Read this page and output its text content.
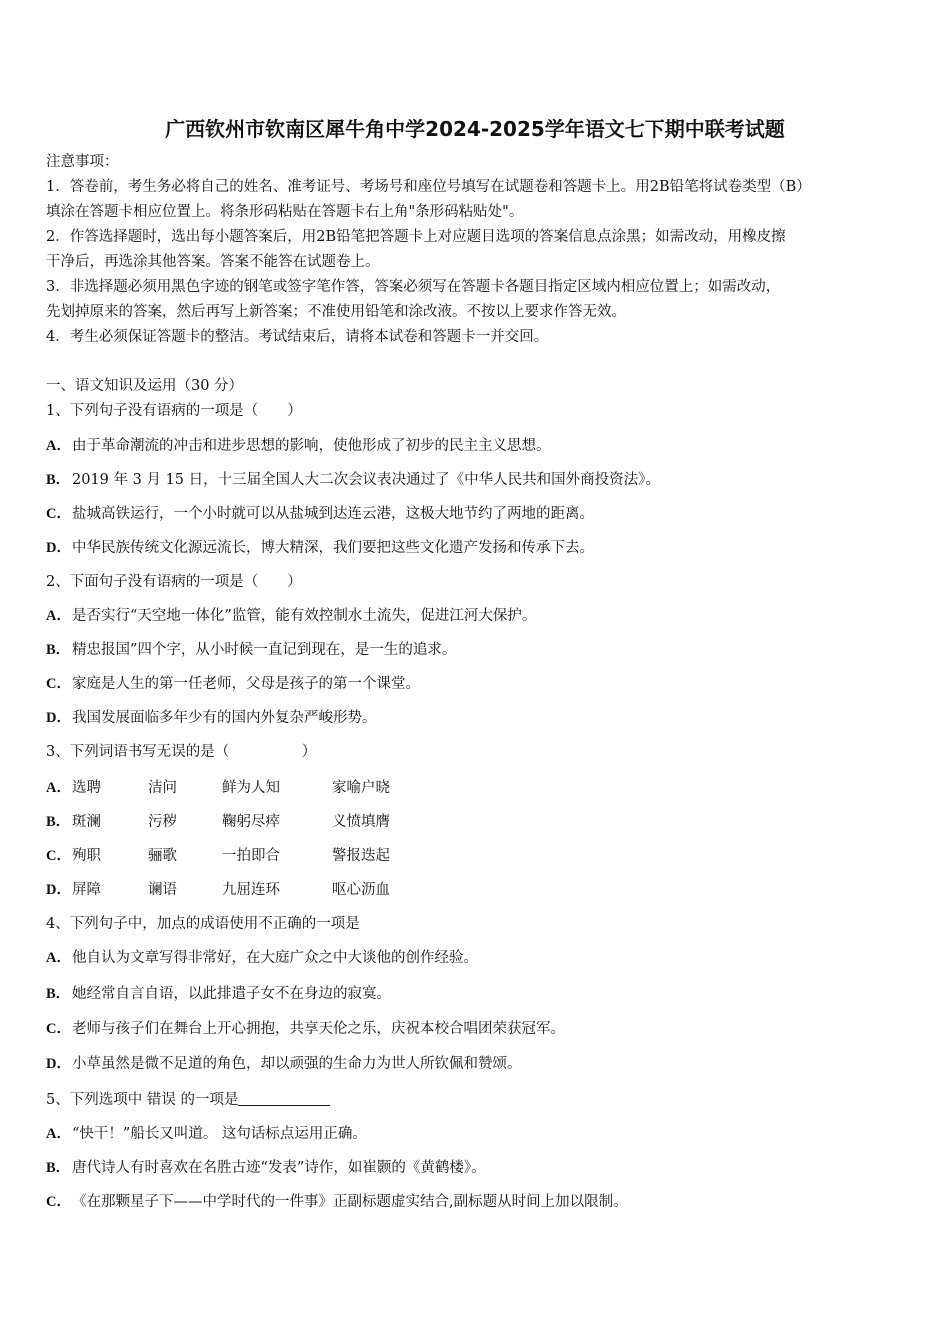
广西钦州市钦南区犀牛角中学2024-2025学年语文七下期中联考试题
注意事项：
1．答卷前，考生务必将自己的姓名、准考证号、考场号和座位号填写在试题卷和答题卡上。用2B铅笔将试卷类型（B）
填涂在答题卡相应位置上。将条形码粘贴在答题卡右上角"条形码粘贴处"。
2．作答选择题时，选出每小题答案后，用2B铅笔把答题卡上对应题目选项的答案信息点涂黑；如需改动，用橡皮擦
干净后，再选涂其他答案。答案不能答在试题卷上。
3．非选择题必须用黑色字迹的钢笔或签字笔作答，答案必须写在答题卡各题目指定区域内相应位置上；如需改动，
先划掉原来的答案，然后再写上新答案；不准使用铅笔和涂改液。不按以上要求作答无效。
4．考生必须保证答题卡的整洁。考试结束后，请将本试卷和答题卡一并交回。
一、语文知识及运用（30 分）
1、下列句子没有语病的一项是（　　）
A．由于革命潮流的冲击和进步思想的影响，使他形成了初步的民主主义思想。
B． 2019 年 3 月 15 日，十三届全国人大二次会议表决通过了《中华人民共和国外商投资法》。
C．盐城高铁运行，一个小时就可以从盐城到达连云港，这极大地节约了两地的距离。
D．中华民族传统文化源远流长，博大精深，我们要把这些文化遗产发扬和传承下去。
2、下面句子没有语病的一项是（　　）
A．是否实行“天空地一体化”监管，能有效控制水土流失，促进江河大保护。
B． 精忠报国”四个字，从小时候一直记到现在，是一生的追求。
C．家庭是人生的第一任老师，父母是孩子的第一个课堂。
D．我国发展面临多年少有的国内外复杂严峻形势。
3、下列词语书写无误的是（　　　　　）
A．选聘	洁问	鲜为人知	家喻户晓
B． 斑澜	污秽	鞠躬尽瘁	义愤填膺
C．殉职	骊歌	一拍即合	警报迭起
D．屏障	谰语	九屈连环	呕心沥血
4、下列句子中，加点的成语使用不正确的一项是
A．他自认为文章写得非常好，在大庭广众之中大谈他的创作经验。
B． 她经常自言自语，以此排遣子女不在身边的寂寞。
C．老师与孩子们在舞台上开心拥抱，共享天伦之乐，庆祝本校合唱团荣获冠军。
D．小草虽然是微不足道的角色，却以顽强的生命力为世人所钦佩和赞颂。
5、下列选项中 错误 的一项是
A．“快干！”船长又叫道。 这句话标点运用正确。
B． 唐代诗人有时喜欢在名胜古迹“发表”诗作，如崔颢的《黄鹤楼》。
C．《在那颗星子下——中学时代的一件事》正副标题虚实结合,副标题从时间上加以限制。
